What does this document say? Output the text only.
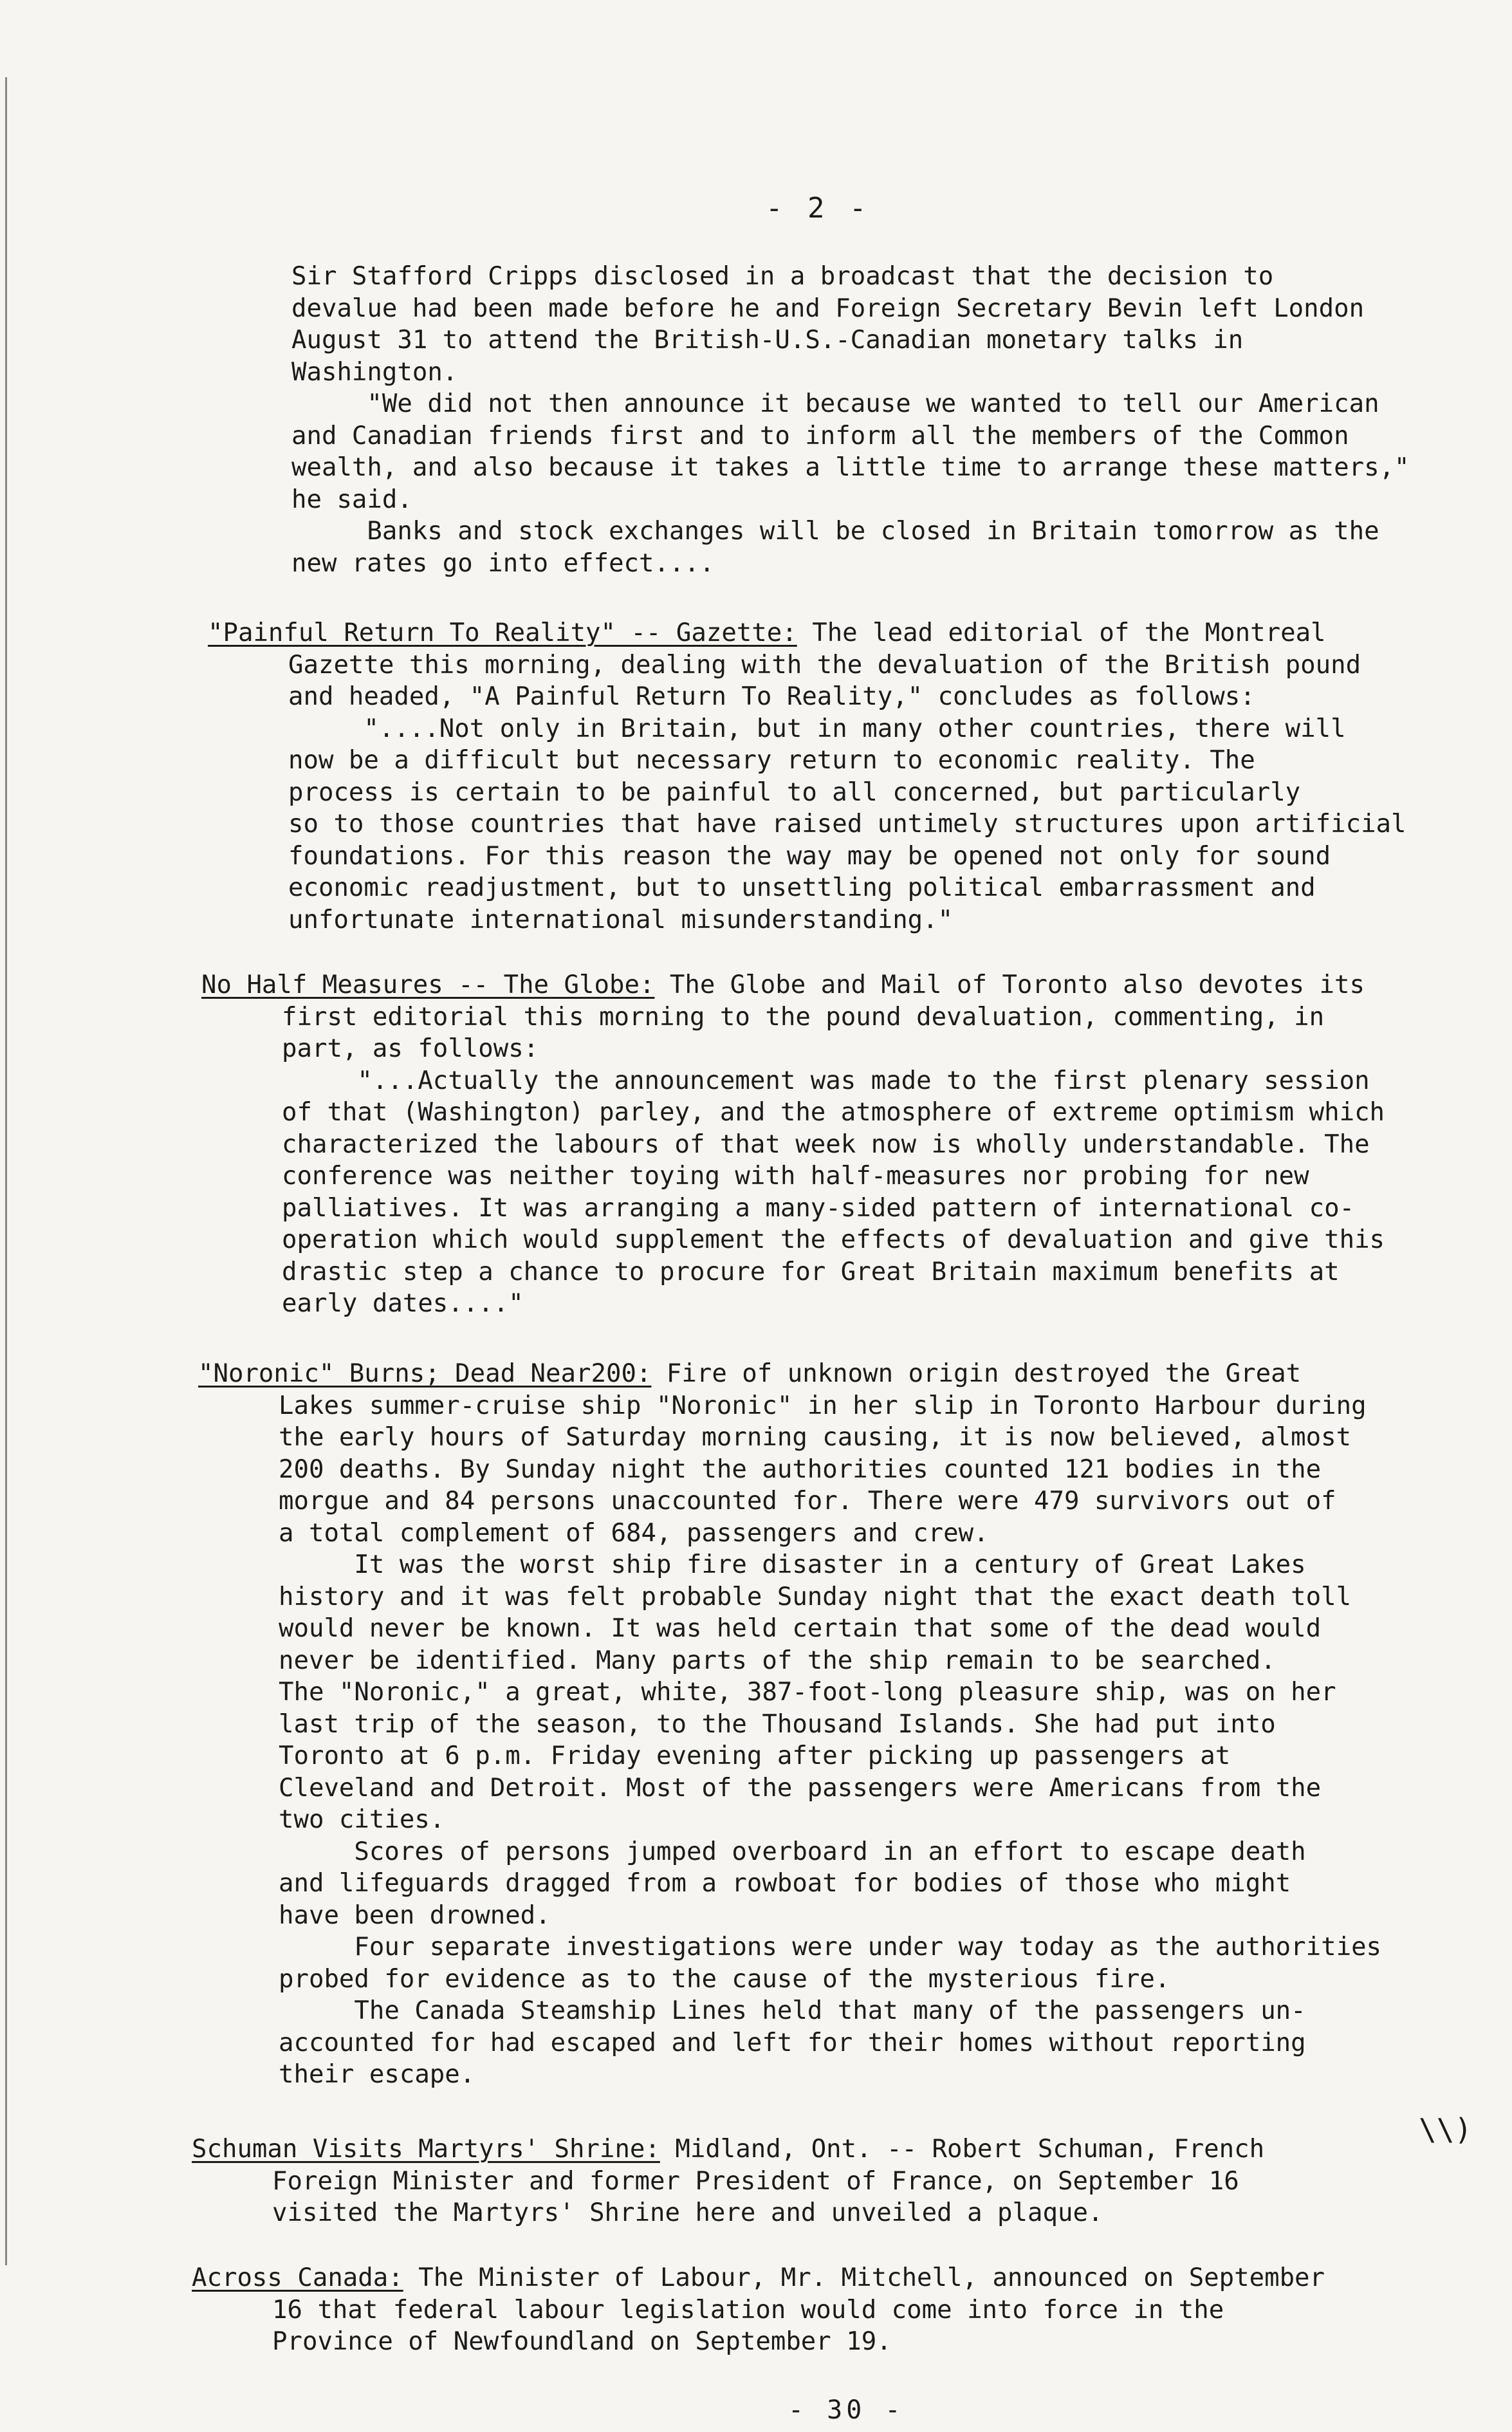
- 2 -
Sir Stafford Cripps disclosed in a broadcast that the decision to
devalue had been made before he and Foreign Secretary Bevin left London
August 31 to attend the British-U.S.-Canadian monetary talks in
Washington.
"We did not then announce it because we wanted to tell our American
and Canadian friends first and to inform all the members of the Common
wealth, and also because it takes a little time to arrange these matters,"
he said.
Banks and stock exchanges will be closed in Britain tomorrow as the
new rates go into effect....
"Painful Return To Reality" -- Gazette: The lead editorial of the Montreal
Gazette this morning, dealing with the devaluation of the British pound
and headed, "A Painful Return To Reality," concludes as follows:
"....Not only in Britain, but in many other countries, there will
now be a difficult but necessary return to economic reality. The
process is certain to be painful to all concerned, but particularly
so to those countries that have raised untimely structures upon artificial
foundations. For this reason the way may be opened not only for sound
economic readjustment, but to unsettling political embarrassment and
unfortunate international misunderstanding."
No Half Measures -- The Globe: The Globe and Mail of Toronto also devotes its
first editorial this morning to the pound devaluation, commenting, in
part, as follows:
"...Actually the announcement was made to the first plenary session
of that (Washington) parley, and the atmosphere of extreme optimism which
characterized the labours of that week now is wholly understandable. The
conference was neither toying with half-measures nor probing for new
palliatives. It was arranging a many-sided pattern of international co-
operation which would supplement the effects of devaluation and give this
drastic step a chance to procure for Great Britain maximum benefits at
early dates...."
"Noronic" Burns; Dead Near200: Fire of unknown origin destroyed the Great
Lakes summer-cruise ship "Noronic" in her slip in Toronto Harbour during
the early hours of Saturday morning causing, it is now believed, almost
200 deaths. By Sunday night the authorities counted 121 bodies in the
morgue and 84 persons unaccounted for. There were 479 survivors out of
a total complement of 684, passengers and crew.
It was the worst ship fire disaster in a century of Great Lakes
history and it was felt probable Sunday night that the exact death toll
would never be known. It was held certain that some of the dead would
never be identified. Many parts of the ship remain to be searched.
The "Noronic," a great, white, 387-foot-long pleasure ship, was on her
last trip of the season, to the Thousand Islands. She had put into
Toronto at 6 p.m. Friday evening after picking up passengers at
Cleveland and Detroit. Most of the passengers were Americans from the
two cities.
Scores of persons jumped overboard in an effort to escape death
and lifeguards dragged from a rowboat for bodies of those who might
have been drowned.
Four separate investigations were under way today as the authorities
probed for evidence as to the cause of the mysterious fire.
The Canada Steamship Lines held that many of the passengers un-
accounted for had escaped and left for their homes without reporting
their escape.
Schuman Visits Martyrs' Shrine: Midland, Ont. -- Robert Schuman, French
Foreign Minister and former President of France, on September 16
visited the Martyrs' Shrine here and unveiled a plaque.
Across Canada: The Minister of Labour, Mr. Mitchell, announced on September
16 that federal labour legislation would come into force in the
Province of Newfoundland on September 19.
\\)
- 30 -
